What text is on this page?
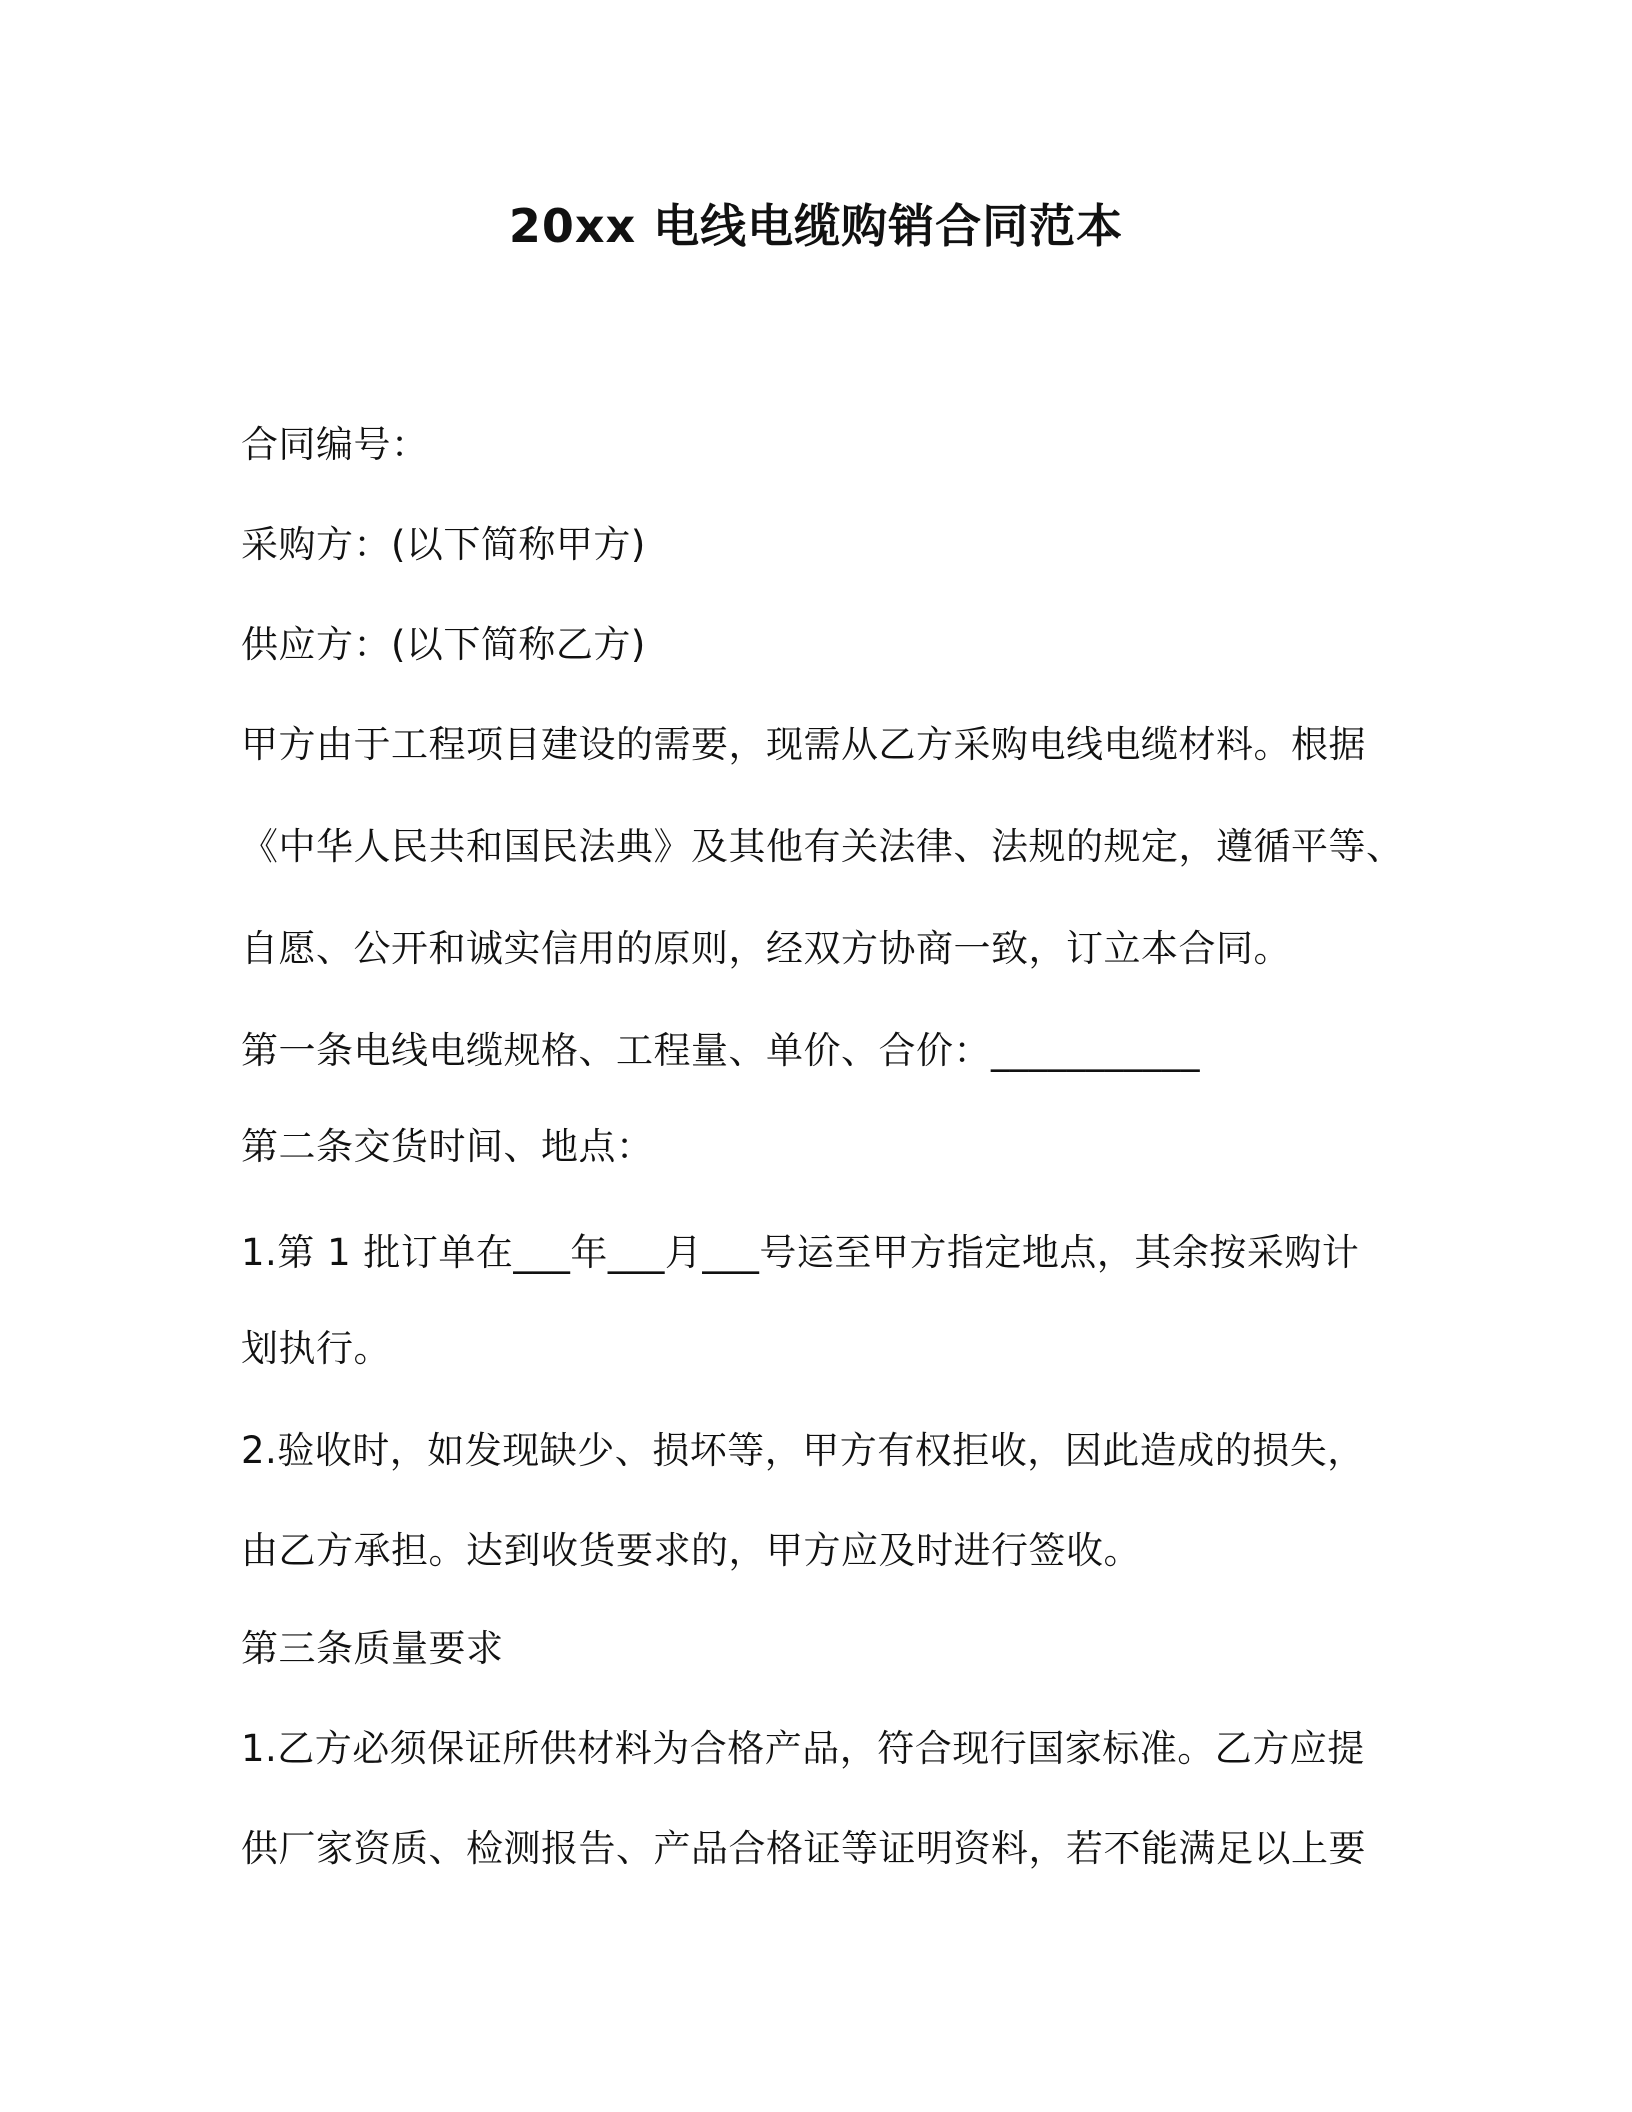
20xx 电线电缆购销合同范本
合同编号：
采购方：(以下简称甲方)
供应方：(以下简称乙方)
甲方由于工程项目建设的需要，现需从乙方采购电线电缆材料。根据
《中华人民共和国民法典》及其他有关法律、法规的规定，遵循平等、
自愿、公开和诚实信用的原则，经双方协商一致，订立本合同。
第一条电线电缆规格、工程量、单价、合价：___________
第二条交货时间、地点：
1.第 1 批订单在___年___月___号运至甲方指定地点，其余按采购计
划执行。
2.验收时，如发现缺少、损坏等，甲方有权拒收，因此造成的损失，
由乙方承担。达到收货要求的，甲方应及时进行签收。
第三条质量要求
1.乙方必须保证所供材料为合格产品，符合现行国家标准。乙方应提
供厂家资质、检测报告、产品合格证等证明资料，若不能满足以上要
